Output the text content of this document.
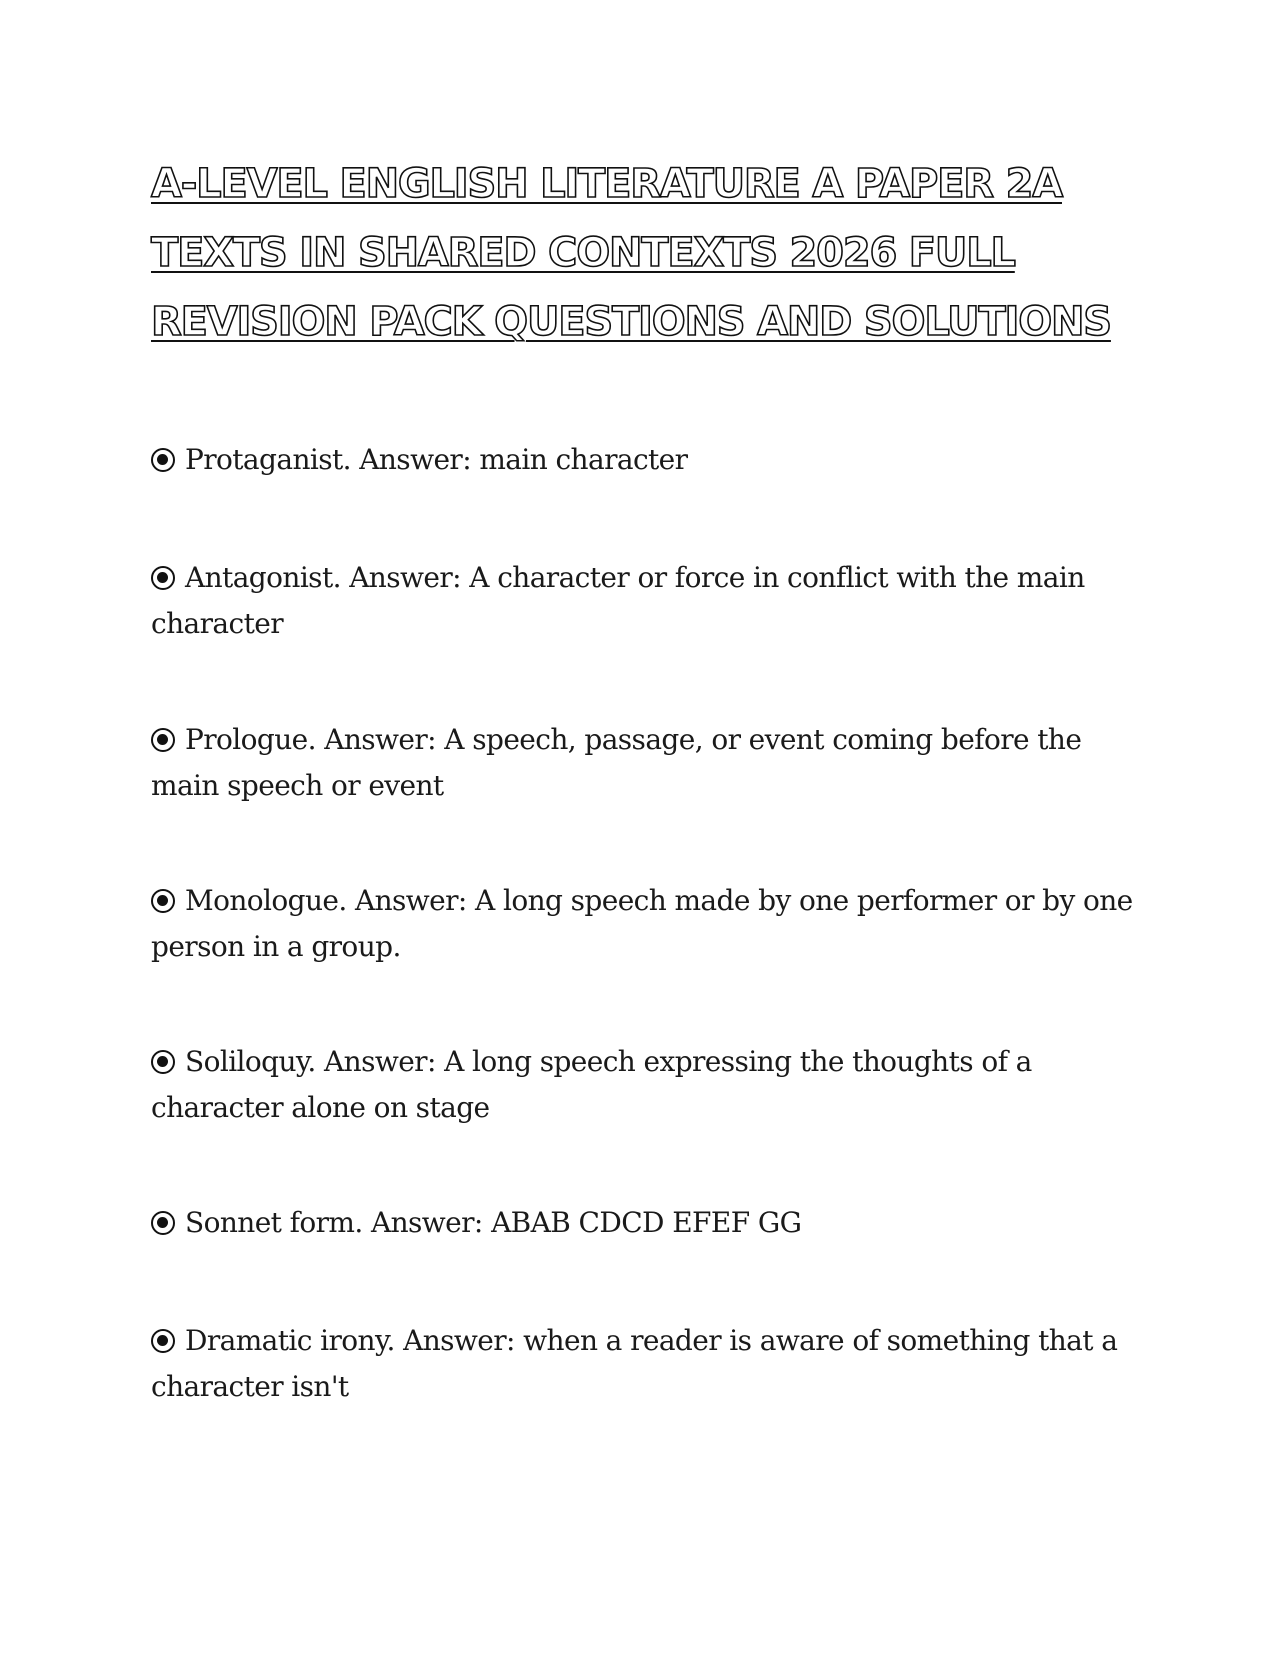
A-LEVEL ENGLISH LITERATURE A PAPER 2A TEXTS IN SHARED CONTEXTS 2026 FULL REVISION PACK QUESTIONS AND SOLUTIONS
Protaganist. Answer: main character
Antagonist. Answer: A character or force in conflict with the main character
Prologue. Answer: A speech, passage, or event coming before the main speech or event
Monologue. Answer: A long speech made by one performer or by one person in a group.
Soliloquy. Answer: A long speech expressing the thoughts of a character alone on stage
Sonnet form. Answer: ABAB CDCD EFEF GG
Dramatic irony. Answer: when a reader is aware of something that a character isn't
